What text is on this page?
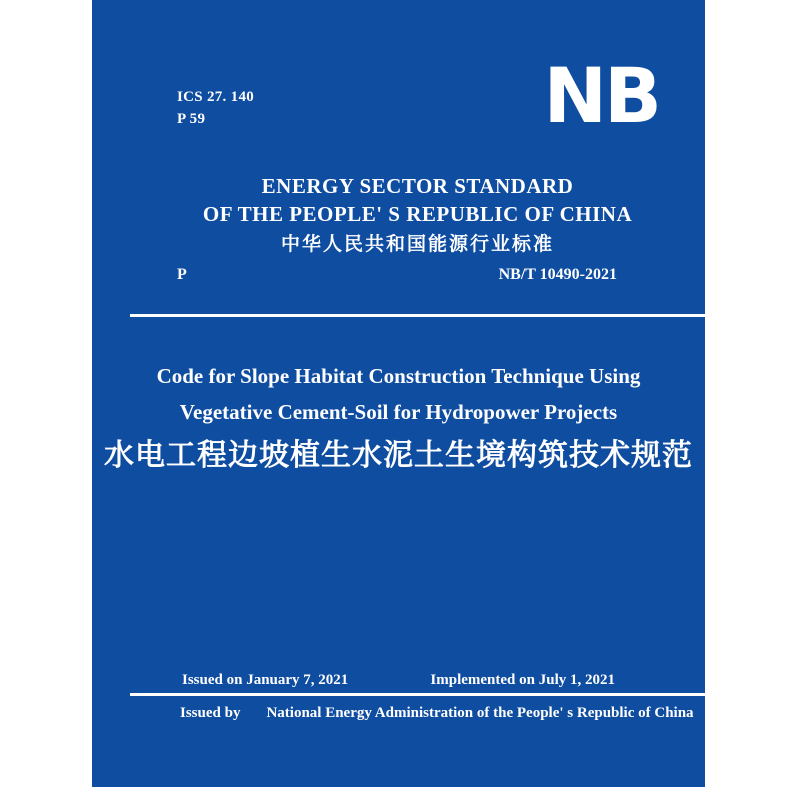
ICS 27. 140
P 59	NB
ENERGY SECTOR STANDARD
OF THE PEOPLE' S REPUBLIC OF CHINA
中华人民共和国能源行业标准
P	NB/T 10490-2021
Code for Slope Habitat Construction Technique Using
Vegetative Cement-Soil for Hydropower Projects
水电工程边坡植生水泥土生境构筑技术规范
Issued on January 7, 2021	Implemented on July 1, 2021
Issued by National Energy Administration of the People' s Republic of China
